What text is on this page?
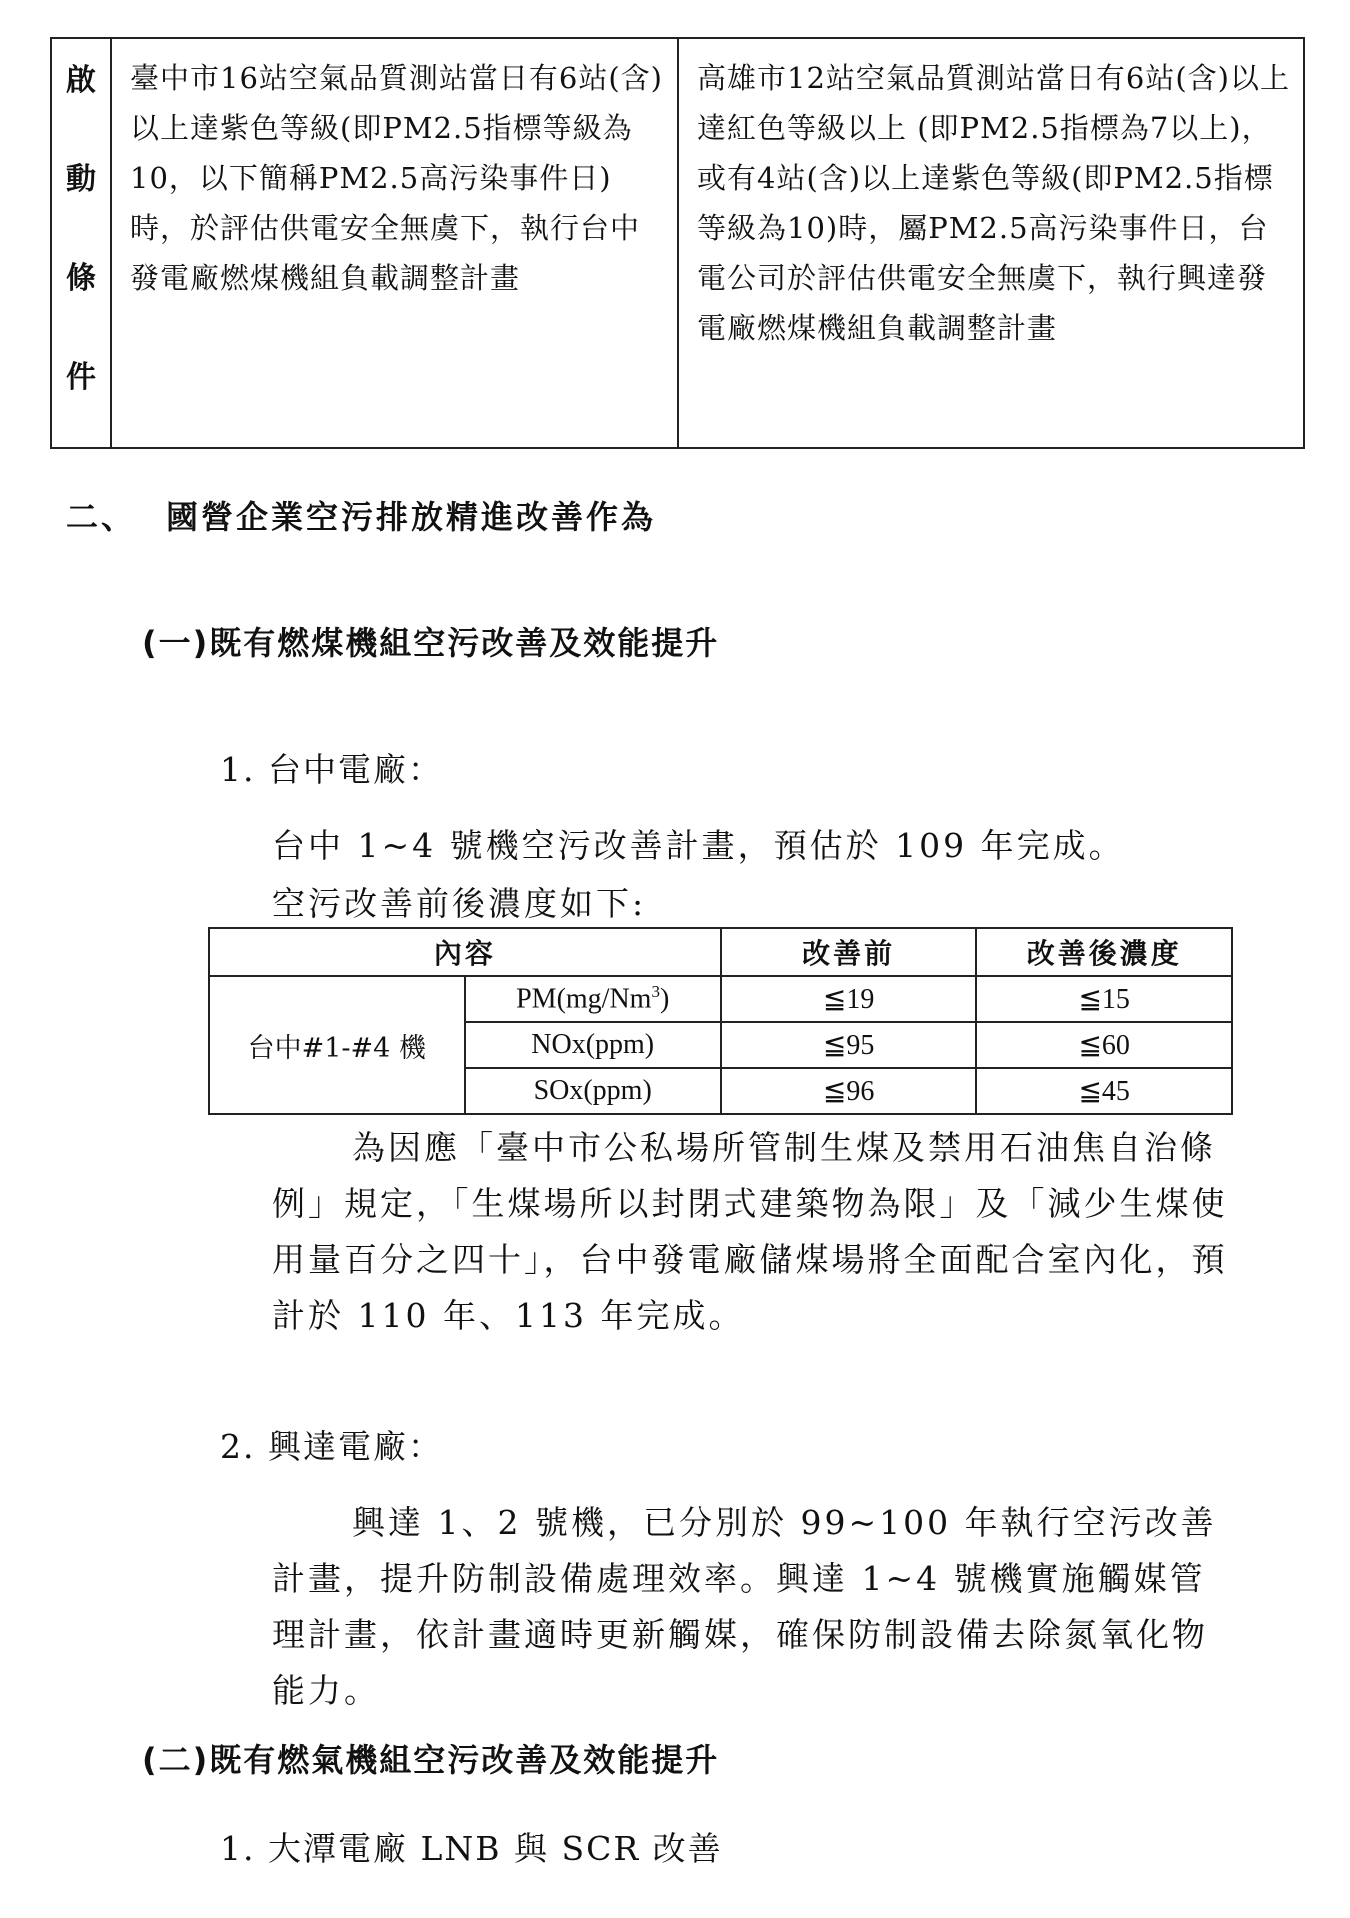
啟
動
條
件
	臺中市16站空氣品質測站當日有6站(含)以上達紫色等級(即PM2.5指標等級為10，以下簡稱PM2.5高污染事件日)時，於評估供電安全無虞下，執行台中發電廠燃煤機組負載調整計畫	高雄市12站空氣品質測站當日有6站(含)以上達紅色等級以上 (即PM2.5指標為7以上)，或有4站(含)以上達紫色等級(即PM2.5指標等級為10)時，屬PM2.5高污染事件日，台電公司於評估供電安全無虞下，執行興達發電廠燃煤機組負載調整計畫
二、 國營企業空污排放精進改善作為
(一)既有燃煤機組空污改善及效能提升
1. 台中電廠：
台中 1~4 號機空污改善計畫，預估於 109 年完成。
空污改善前後濃度如下:
內容		改善前	改善後濃度
台中#1-#4 機	PM(mg/Nm$^3$)	≦19	≦15
	NOx(ppm)	≦95	≦60
	SOx(ppm)	≦96	≦45
為因應「臺中市公私場所管制生煤及禁用石油焦自治條例」規定，「生煤場所以封閉式建築物為限」及「減少生煤使用量百分之四十」，台中發電廠儲煤場將全面配合室內化，預計於 110 年、113 年完成。
2. 興達電廠：
興達 1、2 號機，已分別於 99~100 年執行空污改善計畫，提升防制設備處理效率。興達 1~4 號機實施觸媒管理計畫，依計畫適時更新觸媒，確保防制設備去除氮氧化物能力。
(二)既有燃氣機組空污改善及效能提升
1. 大潭電廠 LNB 與 SCR 改善
